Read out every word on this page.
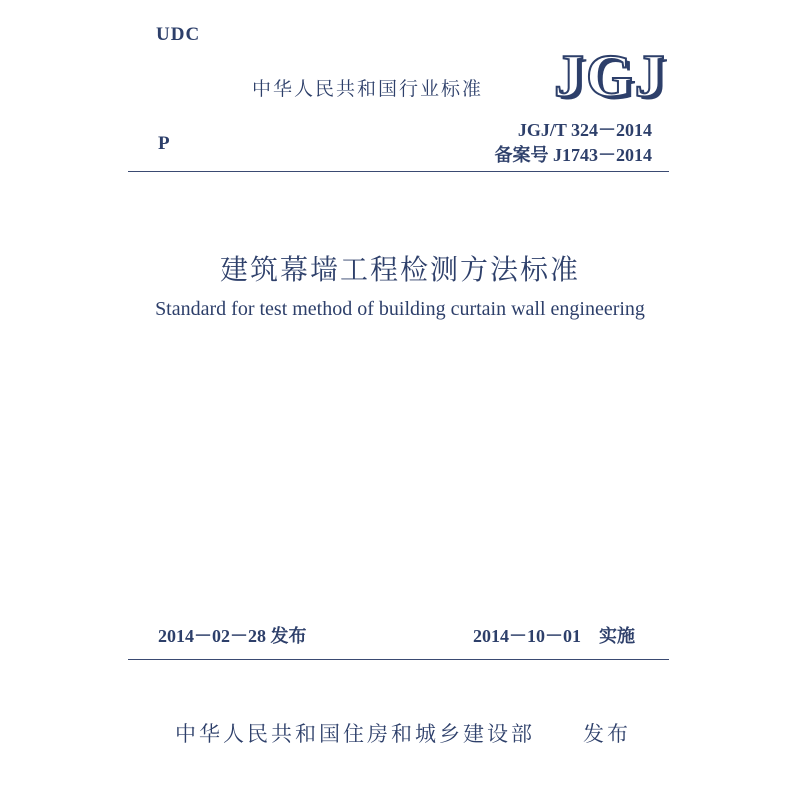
UDC
中华人民共和国行业标准 JGJ
P
JGJ/T 324－2014
备案号 J1743－2014
建筑幕墙工程检测方法标准
Standard for test method of building curtain wall engineering
2014－02－28 发布	2014－10－01　实施
中华人民共和国住房和城乡建设部　　发布
